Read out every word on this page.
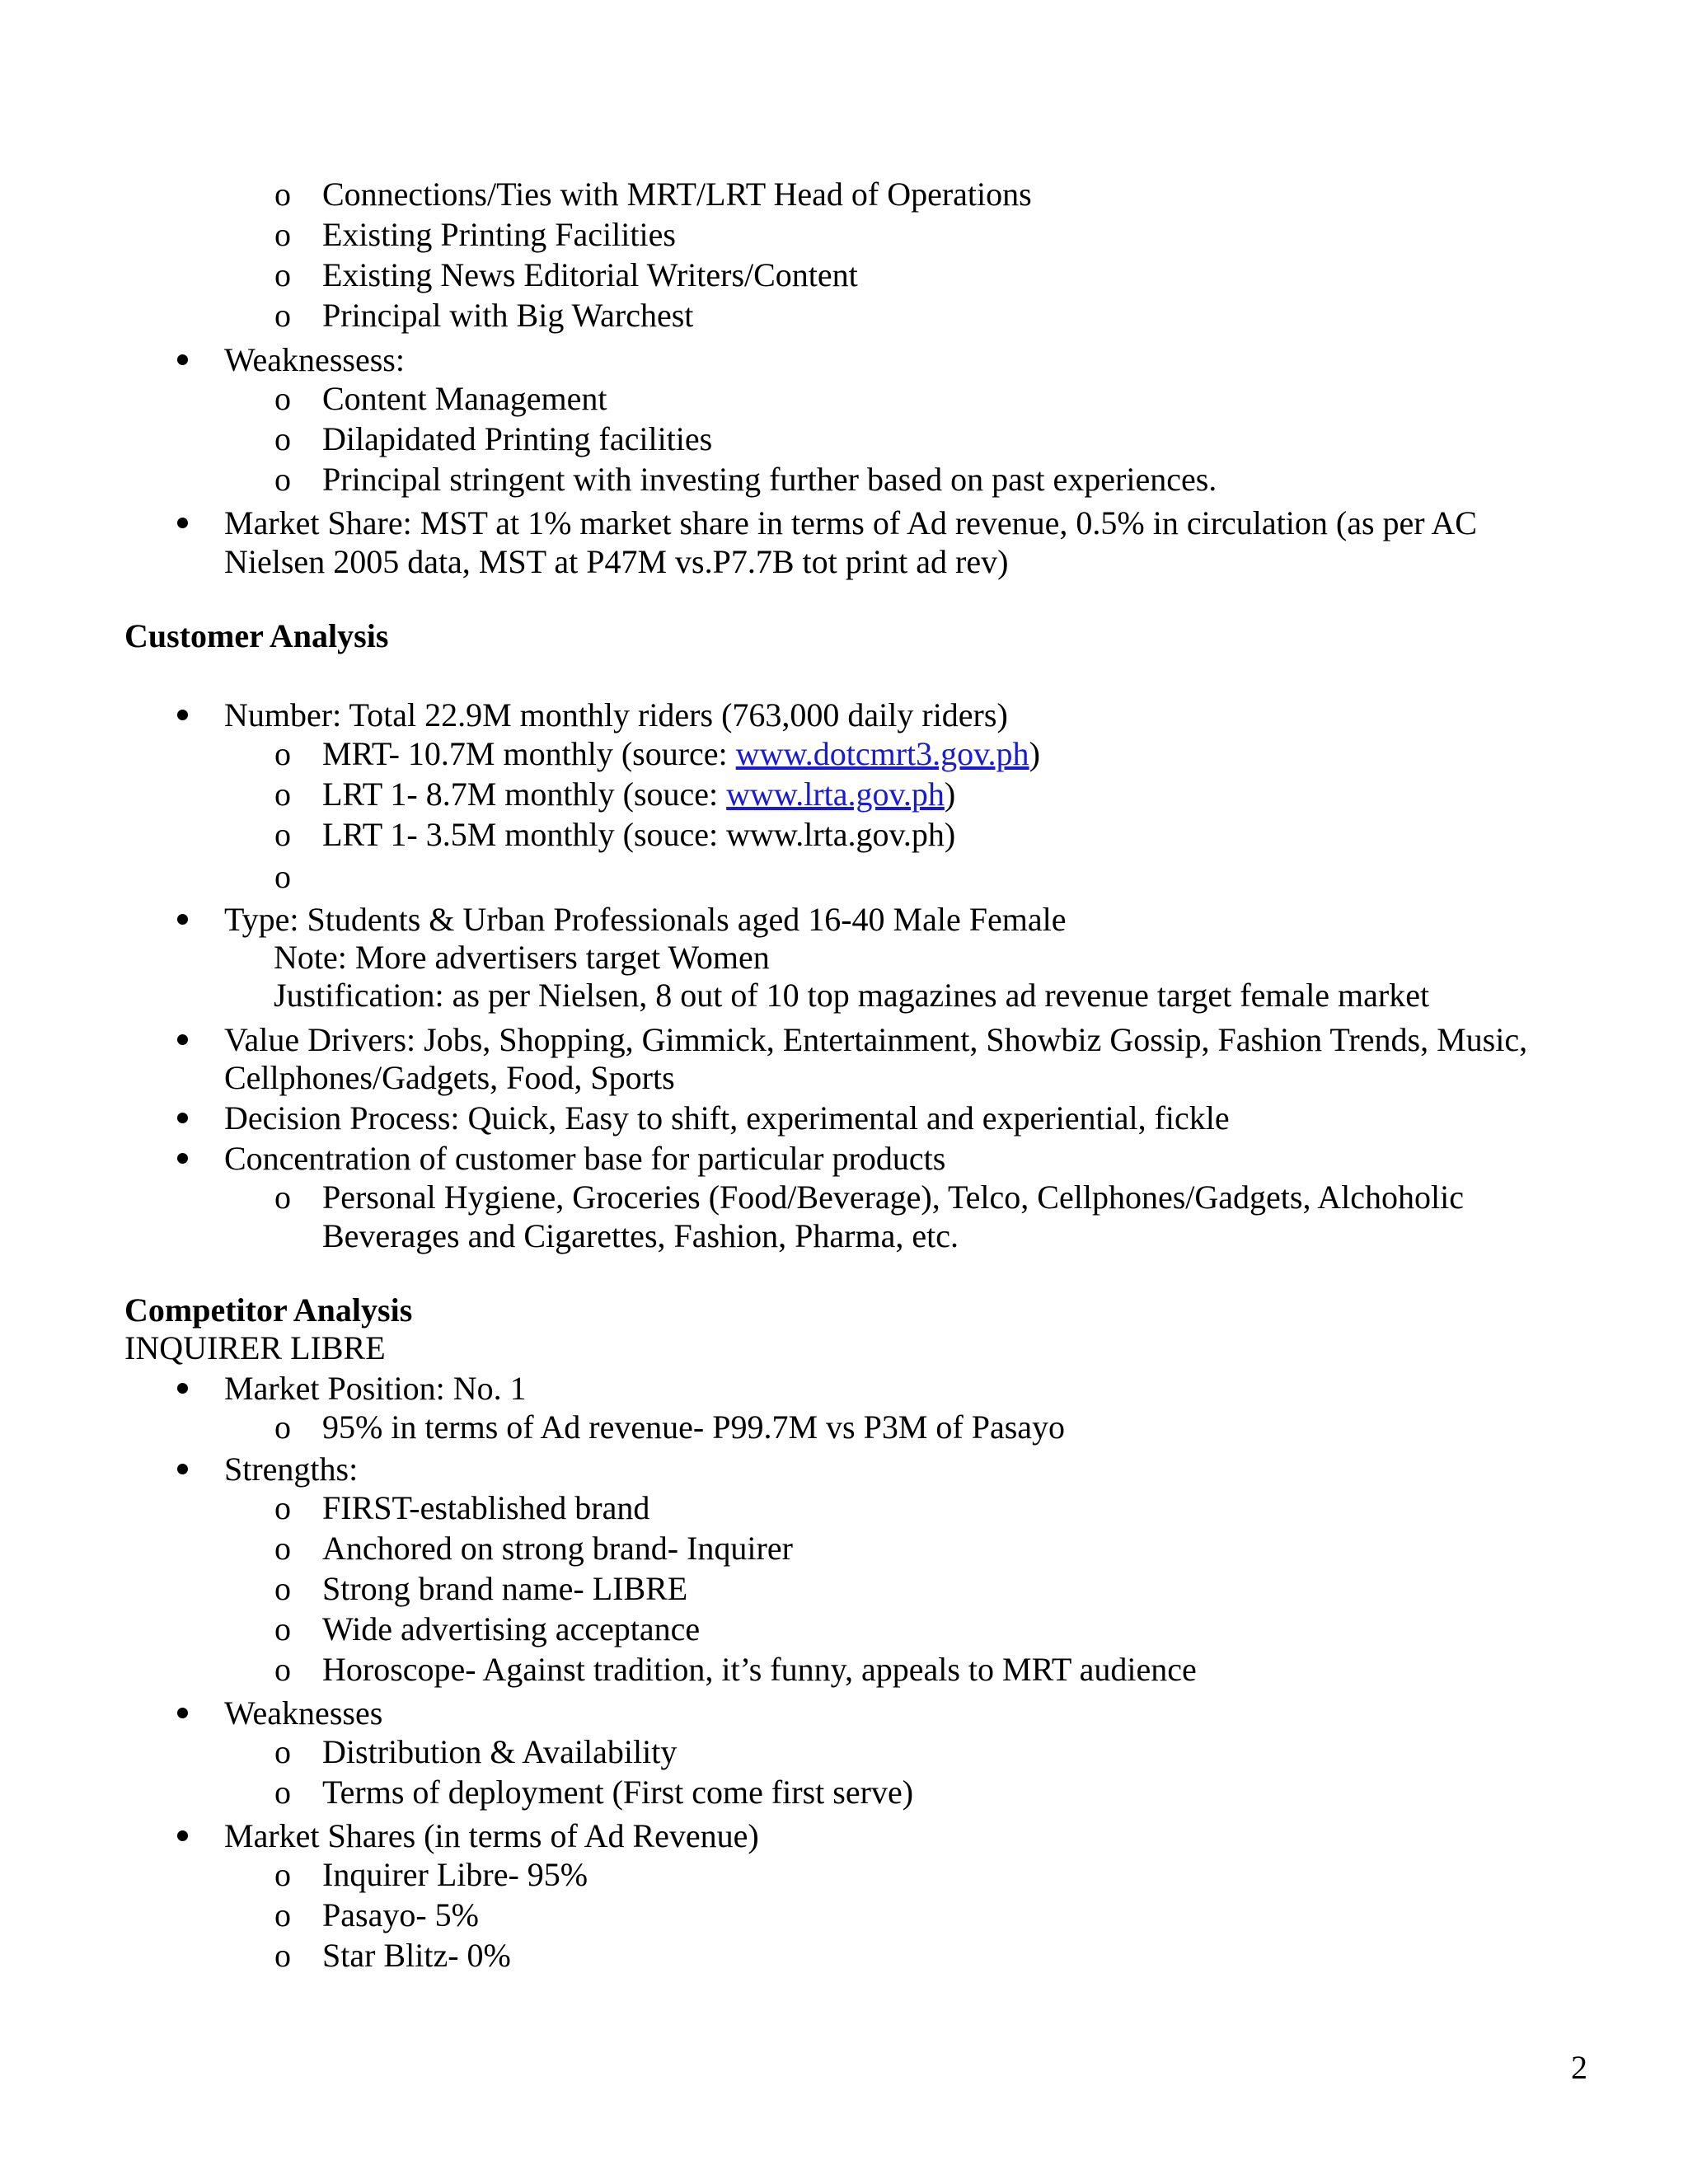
o Connections/Ties with MRT/LRT Head of Operations
o Existing Printing Facilities
o Existing News Editorial Writers/Content
o Principal with Big Warchest
Weaknessess:
o Content Management
o Dilapidated Printing facilities
o Principal stringent with investing further based on past experiences.
Market Share: MST at 1% market share in terms of Ad revenue, 0.5% in circulation (as per AC
Nielsen 2005 data, MST at P47M vs.P7.7B tot print ad rev)
Customer Analysis
Number: Total 22.9M monthly riders (763,000 daily riders)
o MRT- 10.7M monthly (source: www.dotcmrt3.gov.ph)
o LRT 1- 8.7M monthly (souce: www.lrta.gov.ph)
o LRT 1- 3.5M monthly (souce: www.lrta.gov.ph)
o
Type: Students & Urban Professionals aged 16-40 Male Female
Note: More advertisers target Women
Justification: as per Nielsen, 8 out of 10 top magazines ad revenue target female market
Value Drivers: Jobs, Shopping, Gimmick, Entertainment, Showbiz Gossip, Fashion Trends, Music,
Cellphones/Gadgets, Food, Sports
Decision Process: Quick, Easy to shift, experimental and experiential, fickle
Concentration of customer base for particular products
o Personal Hygiene, Groceries (Food/Beverage), Telco, Cellphones/Gadgets, Alchoholic
Beverages and Cigarettes, Fashion, Pharma, etc.
Competitor Analysis
INQUIRER LIBRE
Market Position: No. 1
o 95% in terms of Ad revenue- P99.7M vs P3M of Pasayo
Strengths:
o FIRST-established brand
o Anchored on strong brand- Inquirer
o Strong brand name- LIBRE
o Wide advertising acceptance
o Horoscope- Against tradition, it’s funny, appeals to MRT audience
Weaknesses
o Distribution & Availability
o Terms of deployment (First come first serve)
Market Shares (in terms of Ad Revenue)
o Inquirer Libre- 95%
o Pasayo- 5%
o Star Blitz- 0%
2
